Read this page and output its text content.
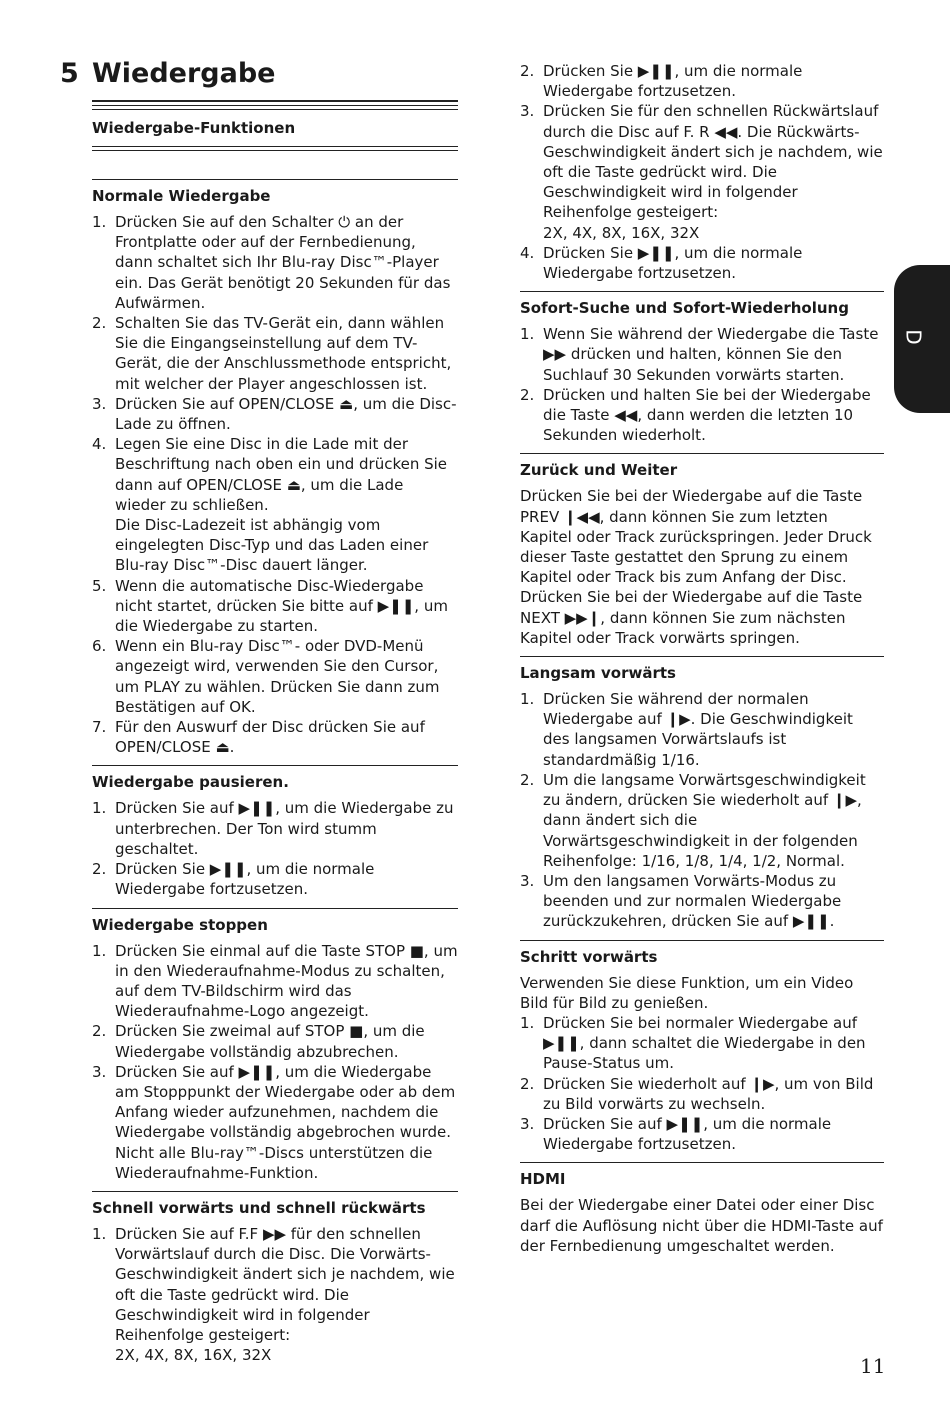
5 Wiedergabe
Wiedergabe-Funktionen
Normale Wiedergabe
1. Drücken Sie auf den Schalter ⏻ an der Frontplatte oder auf der Fernbedienung, dann schaltet sich Ihr Blu-ray Disc™-Player ein. Das Gerät benötigt 20 Sekunden für das Aufwärmen.
2. Schalten Sie das TV-Gerät ein, dann wählen Sie die Eingangseinstellung auf dem TV-Gerät, die der Anschlussmethode entspricht, mit welcher der Player angeschlossen ist.
3. Drücken Sie auf OPEN/CLOSE ⏏, um die Disc-Lade zu öffnen.
4. Legen Sie eine Disc in die Lade mit der Beschriftung nach oben ein und drücken Sie dann auf OPEN/CLOSE ⏏, um die Lade wieder zu schließen.
Die Disc-Ladezeit ist abhängig vom eingelegten Disc-Typ und das Laden einer Blu-ray Disc™-Disc dauert länger.
5. Wenn die automatische Disc-Wiedergabe nicht startet, drücken Sie bitte auf ▶❚❚, um die Wiedergabe zu starten.
6. Wenn ein Blu-ray Disc™- oder DVD-Menü angezeigt wird, verwenden Sie den Cursor, um PLAY zu wählen. Drücken Sie dann zum Bestätigen auf OK.
7. Für den Auswurf der Disc drücken Sie auf OPEN/CLOSE ⏏.
Wiedergabe pausieren.
1. Drücken Sie auf ▶❚❚, um die Wiedergabe zu unterbrechen. Der Ton wird stumm geschaltet.
2. Drücken Sie ▶❚❚, um die normale Wiedergabe fortzusetzen.
Wiedergabe stoppen
1. Drücken Sie einmal auf die Taste STOP ■, um in den Wiederaufnahme-Modus zu schalten, auf dem TV-Bildschirm wird das Wiederaufnahme-Logo angezeigt.
2. Drücken Sie zweimal auf STOP ■, um die Wiedergabe vollständig abzubrechen.
3. Drücken Sie auf ▶❚❚, um die Wiedergabe am Stopppunkt der Wiedergabe oder ab dem Anfang wieder aufzunehmen, nachdem die Wiedergabe vollständig abgebrochen wurde. Nicht alle Blu-ray™-Discs unterstützen die Wiederaufnahme-Funktion.
Schnell vorwärts und schnell rückwärts
1. Drücken Sie auf F.F ▶▶ für den schnellen Vorwärtslauf durch die Disc. Die Vorwärts-Geschwindigkeit ändert sich je nachdem, wie oft die Taste gedrückt wird. Die Geschwindigkeit wird in folgender Reihenfolge gesteigert:
2X, 4X, 8X, 16X, 32X
2. Drücken Sie ▶❚❚, um die normale Wiedergabe fortzusetzen.
3. Drücken Sie für den schnellen Rückwärtslauf durch die Disc auf F. R ◀◀. Die Rückwärts-Geschwindigkeit ändert sich je nachdem, wie oft die Taste gedrückt wird. Die Geschwindigkeit wird in folgender Reihenfolge gesteigert:
2X, 4X, 8X, 16X, 32X
4. Drücken Sie ▶❚❚, um die normale Wiedergabe fortzusetzen.
Sofort-Suche und Sofort-Wiederholung
1. Wenn Sie während der Wiedergabe die Taste ▶▶ drücken und halten, können Sie den Suchlauf 30 Sekunden vorwärts starten.
2. Drücken und halten Sie bei der Wiedergabe die Taste ◀◀, dann werden die letzten 10 Sekunden wiederholt.
Zurück und Weiter

Drücken Sie bei der Wiedergabe auf die Taste PREV ❙◀◀, dann können Sie zum letzten Kapitel oder Track zurückspringen. Jeder Druck dieser Taste gestattet den Sprung zu einem Kapitel oder Track bis zum Anfang der Disc.

Drücken Sie bei der Wiedergabe auf die Taste NEXT ▶▶❙, dann können Sie zum nächsten Kapitel oder Track vorwärts springen.

Langsam vorwärts
1. Drücken Sie während der normalen Wiedergabe auf ❙▶. Die Geschwindigkeit des langsamen Vorwärtslaufs ist standardmäßig 1/16.
2. Um die langsame Vorwärtsgeschwindigkeit zu ändern, drücken Sie wiederholt auf ❙▶, dann ändert sich die Vorwärtsgeschwindigkeit in der folgenden Reihenfolge: 1/16, 1/8, 1/4, 1/2, Normal.
3. Um den langsamen Vorwärts-Modus zu beenden und zur normalen Wiedergabe zurückzukehren, drücken Sie auf ▶❚❚.
Schritt vorwärts

Verwenden Sie diese Funktion, um ein Video Bild für Bild zu genießen.

1. Drücken Sie bei normaler Wiedergabe auf ▶❚❚, dann schaltet die Wiedergabe in den Pause-Status um.
2. Drücken Sie wiederholt auf ❙▶, um von Bild zu Bild vorwärts zu wechseln.
3. Drücken Sie auf ▶❚❚, um die normale Wiedergabe fortzusetzen.
HDMI

Bei der Wiedergabe einer Datei oder einer Disc darf die Auflösung nicht über die HDMI-Taste auf der Fernbedienung umgeschaltet werden.

D
11
